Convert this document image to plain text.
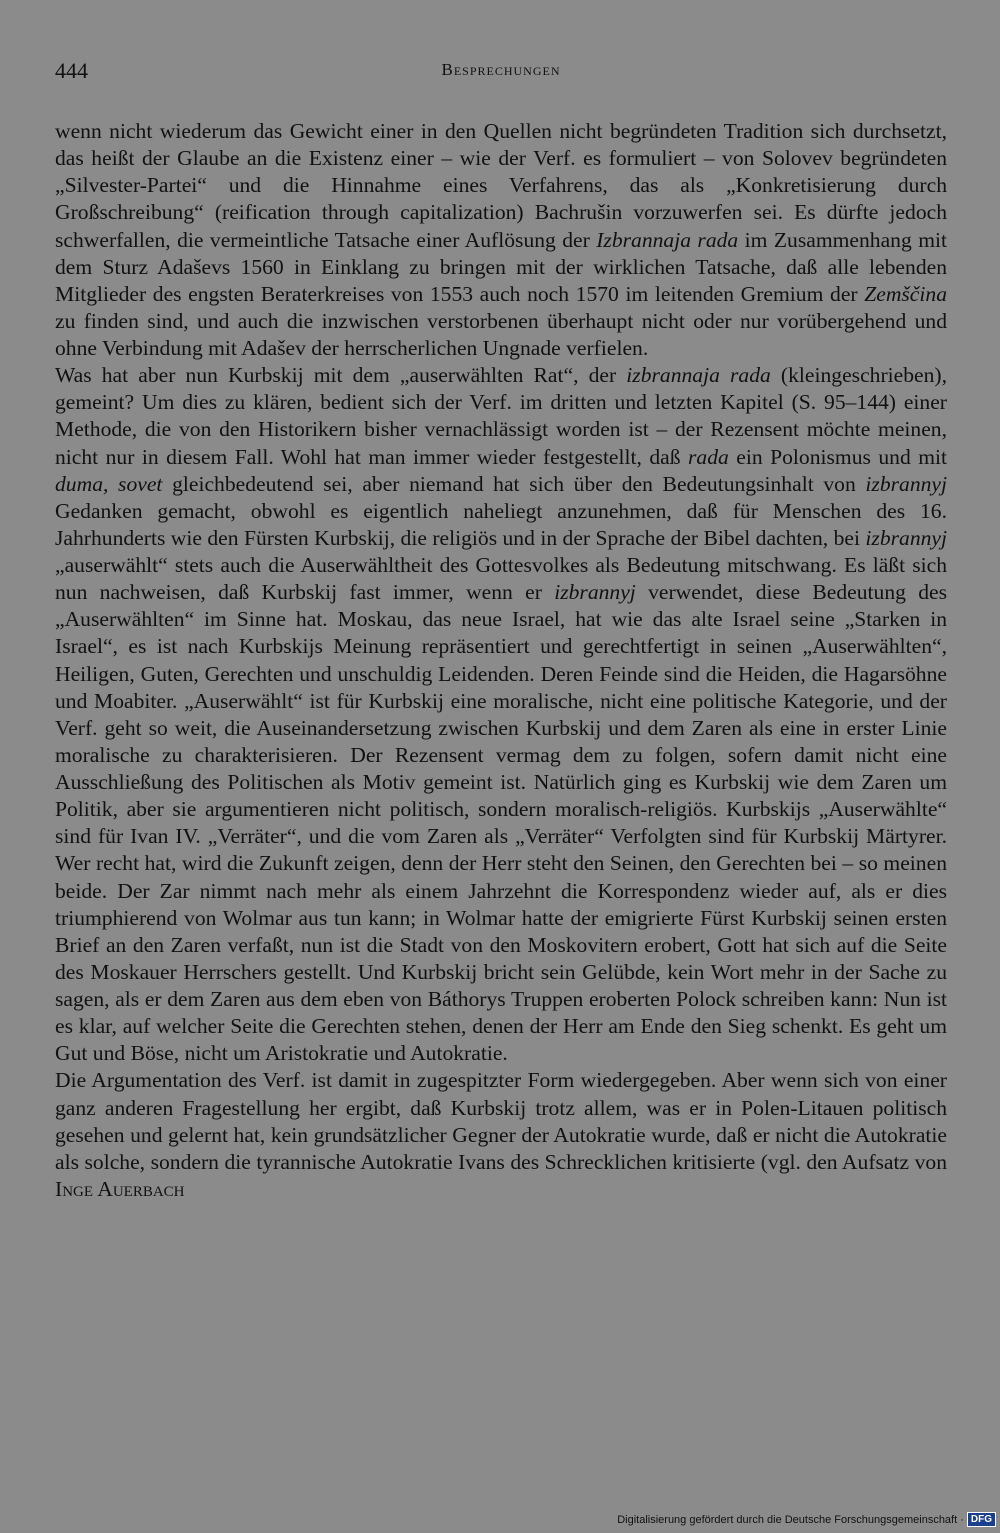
444	Besprechungen

wenn nicht wiederum das Gewicht einer in den Quellen nicht begründeten Tradition sich durchsetzt, das heißt der Glaube an die Existenz einer – wie der Verf. es formuliert – von Solovev begründeten „Silvester-Partei“ und die Hinnahme eines Verfahrens, das als „Konkretisierung durch Großschreibung“ (reification through capitalization) Bachrušin vorzuwerfen sei. Es dürfte jedoch schwerfallen, die vermeintliche Tatsache einer Auflösung der Izbrannaja rada im Zusammenhang mit dem Sturz Adaševs 1560 in Einklang zu bringen mit der wirklichen Tatsache, daß alle lebenden Mitglieder des engsten Beraterkreises von 1553 auch noch 1570 im leitenden Gremium der Zemščina zu finden sind, und auch die inzwischen verstorbenen überhaupt nicht oder nur vorübergehend und ohne Verbindung mit Adašev der herrscherlichen Ungnade verfielen.

Was hat aber nun Kurbskij mit dem „auserwählten Rat“, der izbrannaja rada (kleingeschrieben), gemeint? Um dies zu klären, bedient sich der Verf. im dritten und letzten Kapitel (S. 95–144) einer Methode, die von den Historikern bisher vernachlässigt worden ist – der Rezensent möchte meinen, nicht nur in diesem Fall. Wohl hat man immer wieder festgestellt, daß rada ein Polonismus und mit duma, sovet gleichbedeutend sei, aber niemand hat sich über den Bedeutungsinhalt von izbrannyj Gedanken gemacht, obwohl es eigentlich naheliegt anzunehmen, daß für Menschen des 16. Jahrhunderts wie den Fürsten Kurbskij, die religiös und in der Sprache der Bibel dachten, bei izbrannyj „auserwählt“ stets auch die Auserwähltheit des Gottesvolkes als Bedeutung mitschwang. Es läßt sich nun nachweisen, daß Kurbskij fast immer, wenn er izbrannyj verwendet, diese Bedeutung des „Auserwählten“ im Sinne hat. Moskau, das neue Israel, hat wie das alte Israel seine „Starken in Israel“, es ist nach Kurbskijs Meinung repräsentiert und gerechtfertigt in seinen „Auserwählten“, Heiligen, Guten, Gerechten und unschuldig Leidenden. Deren Feinde sind die Heiden, die Hagarsöhne und Moabiter. „Auserwählt“ ist für Kurbskij eine moralische, nicht eine politische Kategorie, und der Verf. geht so weit, die Auseinandersetzung zwischen Kurbskij und dem Zaren als eine in erster Linie moralische zu charakterisieren. Der Rezensent vermag dem zu folgen, sofern damit nicht eine Ausschließung des Politischen als Motiv gemeint ist. Natürlich ging es Kurbskij wie dem Zaren um Politik, aber sie argumentieren nicht politisch, sondern moralisch-religiös. Kurbskijs „Auserwählte“ sind für Ivan IV. „Verräter“, und die vom Zaren als „Verräter“ Verfolgten sind für Kurbskij Märtyrer. Wer recht hat, wird die Zukunft zeigen, denn der Herr steht den Seinen, den Gerechten bei – so meinen beide. Der Zar nimmt nach mehr als einem Jahrzehnt die Korrespondenz wieder auf, als er dies triumphierend von Wolmar aus tun kann; in Wolmar hatte der emigrierte Fürst Kurbskij seinen ersten Brief an den Zaren verfaßt, nun ist die Stadt von den Moskovitern erobert, Gott hat sich auf die Seite des Moskauer Herrschers gestellt. Und Kurbskij bricht sein Gelübde, kein Wort mehr in der Sache zu sagen, als er dem Zaren aus dem eben von Báthorys Truppen eroberten Polock schreiben kann: Nun ist es klar, auf welcher Seite die Gerechten stehen, denen der Herr am Ende den Sieg schenkt. Es geht um Gut und Böse, nicht um Aristokratie und Autokratie.

Die Argumentation des Verf. ist damit in zugespitzter Form wiedergegeben. Aber wenn sich von einer ganz anderen Fragestellung her ergibt, daß Kurbskij trotz allem, was er in Polen-Litauen politisch gesehen und gelernt hat, kein grundsätzlicher Gegner der Autokratie wurde, daß er nicht die Autokratie als solche, sondern die tyrannische Autokratie Ivans des Schrecklichen kritisierte (vgl. den Aufsatz von Inge Auerbach

Digitalisierung gefördert durch die Deutsche Forschungsgemeinschaft · DFG
